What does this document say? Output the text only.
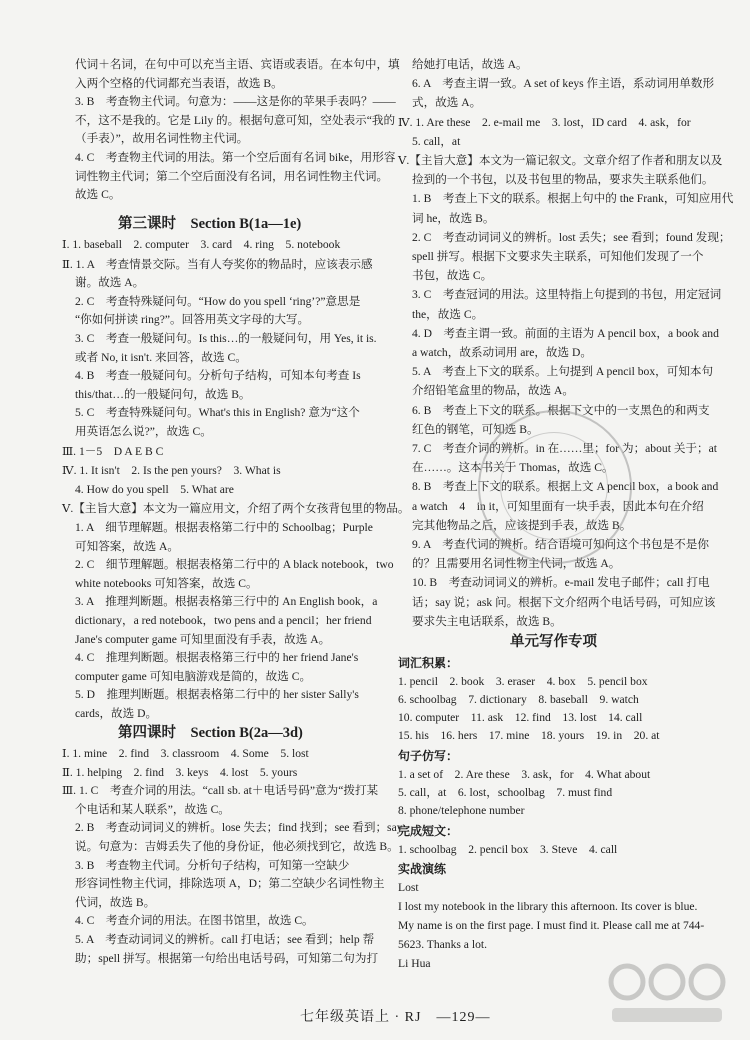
代词＋名词，在句中可以充当主语、宾语或表语。在本句中，填
入两个空格的代词都充当表语，故选 B。
3. B　考查物主代词。句意为：——这是你的苹果手表吗？——
不，这不是我的。它是 Lily 的。根据句意可知，空处表示“我的
（手表）”，故用名词性物主代词。
4. C　考查物主代词的用法。第一个空后面有名词 bike，用形容
词性物主代词；第二个空后面没有名词，用名词性物主代词。
故选 C。
Ⅰ. 1. baseball　2. computer　3. card　4. ring　5. notebook
Ⅱ. 1. A　考查情景交际。当有人夸奖你的物品时，应该表示感
谢。故选 A。
2. C　考查特殊疑问句。“How do you spell ‘ring’?”意思是
“你如何拼读 ring?”。回答用英文字母的大写。
3. C　考查一般疑问句。Is this…的一般疑问句，用 Yes, it is.
或者 No, it isn't. 来回答，故选 C。
4. B　考查一般疑问句。分析句子结构，可知本句考查 Is
this/that…的一般疑问句，故选 B。
5. C　考查特殊疑问句。What's this in English? 意为“这个
用英语怎么说?”，故选 C。
Ⅲ. 1－5　D A E B C
Ⅳ. 1. It isn't　2. Is the pen yours?　3. What is
4. How do you spell　5. What are
Ⅴ.【主旨大意】本文为一篇应用文，介绍了两个女孩背包里的物品。
1. A　细节理解题。根据表格第二行中的 Schoolbag；Purple
可知答案，故选 A。
2. C　细节理解题。根据表格第二行中的 A black notebook，two
white notebooks 可知答案，故选 C。
3. A　推理判断题。根据表格第三行中的 An English book，a
dictionary，a red notebook，two pens and a pencil；her friend
Jane's computer game 可知里面没有手表，故选 A。
4. C　推理判断题。根据表格第三行中的 her friend Jane's
computer game 可知电脑游戏是简的，故选 C。
5. D　推理判断题。根据表格第二行中的 her sister Sally's
cards，故选 D。
Ⅰ. 1. mine　2. find　3. classroom　4. Some　5. lost
Ⅱ. 1. helping　2. find　3. keys　4. lost　5. yours
Ⅲ. 1. C　考查介词的用法。“call sb. at＋电话号码”意为“拨打某
个电话和某人联系”，故选 C。
2. B　考查动词词义的辨析。lose 失去；find 找到；see 看到；say
说。句意为：吉姆丢失了他的身份证，他必须找到它，故选 B。
3. B　考查物主代词。分析句子结构，可知第一空缺少
形容词性物主代词，排除选项 A，D；第二空缺少名词性物主
代词，故选 B。
4. C　考查介词的用法。在图书馆里，故选 C。
5. A　考查动词词义的辨析。call 打电话；see 看到；help 帮
助；spell 拼写。根据第一句给出电话号码，可知第二句为打
给她打电话，故选 A。
6. A　考查主谓一致。A set of keys 作主语，系动词用单数形
式，故选 A。
Ⅳ. 1. Are these　2. e-mail me　3. lost，ID card　4. ask，for
5. call，at
Ⅴ.【主旨大意】本文为一篇记叙文。文章介绍了作者和朋友以及
捡到的一个书包，以及书包里的物品，要求失主联系他们。
1. B　考查上下文的联系。根据上句中的 the Frank，可知应用代
词 he，故选 B。
2. C　考查动词词义的辨析。lost 丢失；see 看到；found 发现；
spell 拼写。根据下文要求失主联系，可知他们发现了一个
书包，故选 C。
3. C　考查冠词的用法。这里特指上句提到的书包，用定冠词
the，故选 C。
4. D　考查主谓一致。前面的主语为 A pencil box，a book and
a watch，故系动词用 are，故选 D。
5. A　考查上下文的联系。上句提到 A pencil box，可知本句
介绍铅笔盒里的物品，故选 A。
6. B　考查上下文的联系。根据下文中的一支黑色的和两支
红色的钢笔，可知选 B。
7. C　考查介词的辨析。in 在……里；for 为；about 关于；at
在……。这本书关于 Thomas，故选 C。
8. B　考查上下文的联系。根据上文 A pencil box，a book and
a watch　4　in it，可知里面有一块手表，因此本句在介绍
完其他物品之后，应该提到手表，故选 B。
9. A　考查代词的辨析。结合语境可知问这个书包是不是你
的？且需要用名词性物主代词，故选 A。
10. B　考查动词词义的辨析。e-mail 发电子邮件；call 打电
话；say 说；ask 问。根据下文介绍两个电话号码，可知应该
要求失主电话联系，故选 B。
第三课时　Section B(1a—1e)
第四课时　Section B(2a—3d)
单元写作专项
词汇积累：
1. pencil　2. book　3. eraser　4. box　5. pencil box
6. schoolbag　7. dictionary　8. baseball　9. watch
10. computer　11. ask　12. find　13. lost　14. call
15. his　16. hers　17. mine　18. yours　19. in　20. at
句子仿写：
1. a set of　2. Are these　3. ask，for　4. What about
5. call，at　6. lost，schoolbag　7. must find
8. phone/telephone number
完成短文：
1. schoolbag　2. pencil box　3. Steve　4. call
实战演练
Lost
I lost my notebook in the library this afternoon. Its cover is blue.
My name is on the first page. I must find it. Please call me at 744-
5623. Thanks a lot.
Li Hua
七年级英语上 · RJ　—129—
